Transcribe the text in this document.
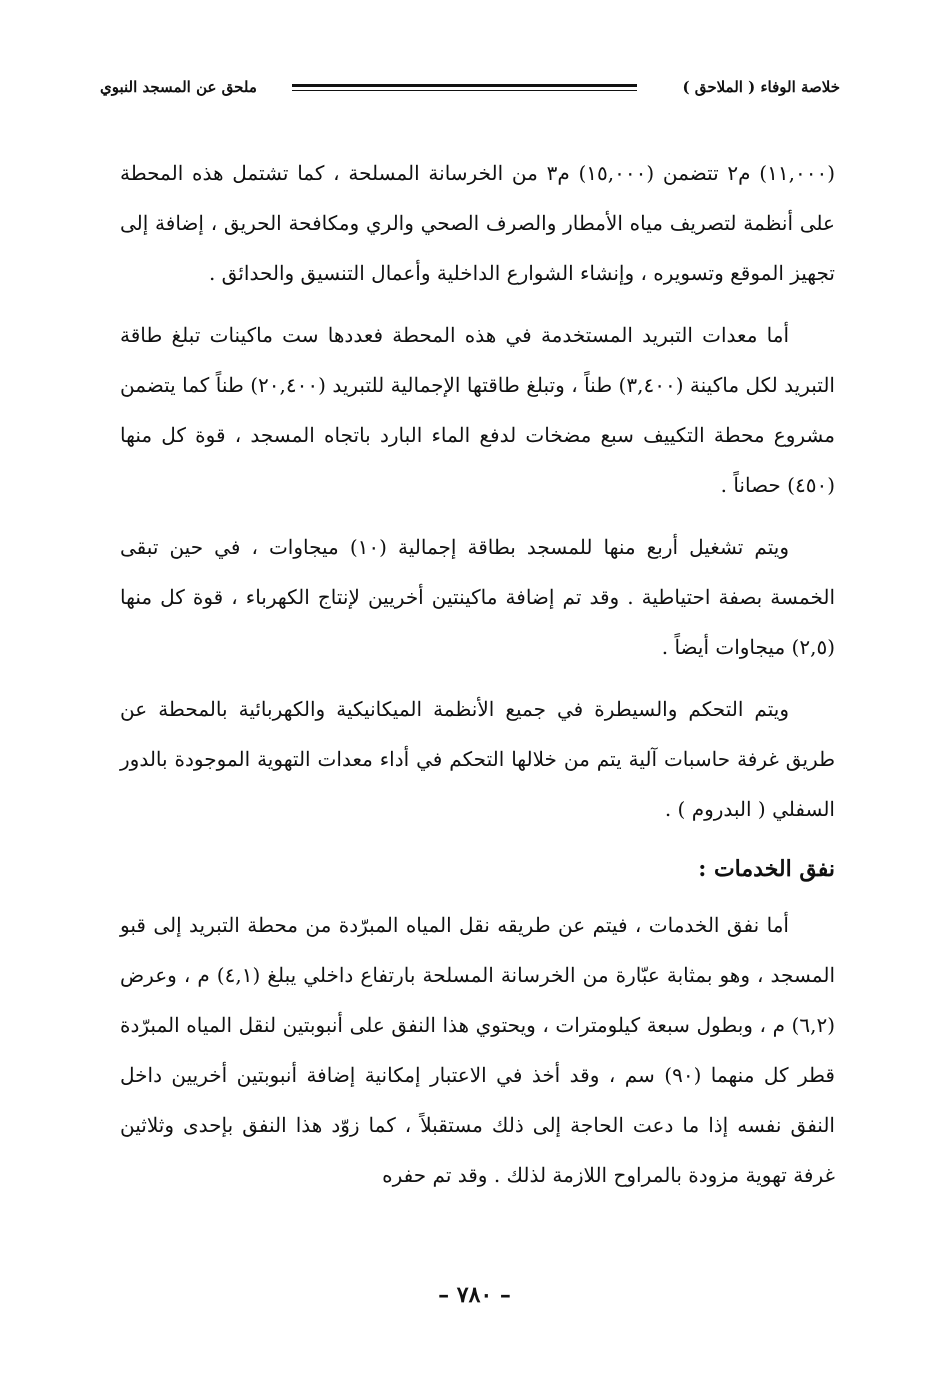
خلاصة الوفاء ( الملاحق )
ملحق عن المسجد النبوي

(١١,٠٠٠) م٢ تتضمن (١٥,٠٠٠) م٣ من الخرسانة المسلحة ، كما تشتمل هذه المحطة على أنظمة لتصريف مياه الأمطار والصرف الصحي والري ومكافحة الحريق ، إضافة إلى تجهيز الموقع وتسويره ، وإنشاء الشوارع الداخلية وأعمال التنسيق والحدائق .

أما معدات التبريد المستخدمة في هذه المحطة فعددها ست ماكينات تبلغ طاقة التبريد لكل ماكينة (٣,٤٠٠) طناً ، وتبلغ طاقتها الإجمالية للتبريد (٢٠,٤٠٠) طناً كما يتضمن مشروع محطة التكييف سبع مضخات لدفع الماء البارد باتجاه المسجد ، قوة كل منها (٤٥٠) حصاناً .

ويتم تشغيل أربع منها للمسجد بطاقة إجمالية (١٠) ميجاوات ، في حين تبقى الخمسة بصفة احتياطية . وقد تم إضافة ماكينتين أخريين لإنتاج الكهرباء ، قوة كل منها (٢,٥) ميجاوات أيضاً .

ويتم التحكم والسيطرة في جميع الأنظمة الميكانيكية والكهربائية بالمحطة عن طريق غرفة حاسبات آلية يتم من خلالها التحكم في أداء معدات التهوية الموجودة بالدور السفلي ( البدروم ) .

نفق الخدمات :

أما نفق الخدمات ، فيتم عن طريقه نقل المياه المبرّدة من محطة التبريد إلى قبو المسجد ، وهو بمثابة عبّارة من الخرسانة المسلحة بارتفاع داخلي يبلغ (٤,١) م ، وعرض (٦,٢) م ، وبطول سبعة كيلومترات ، ويحتوي هذا النفق على أنبوبتين لنقل المياه المبرّدة قطر كل منهما (٩٠) سم ، وقد أخذ في الاعتبار إمكانية إضافة أنبوبتين أخريين داخل النفق نفسه إذا ما دعت الحاجة إلى ذلك مستقبلاً ، كما زوّد هذا النفق بإحدى وثلاثين غرفة تهوية مزودة بالمراوح اللازمة لذلك . وقد تم حفره

– ٧٨٠ –
